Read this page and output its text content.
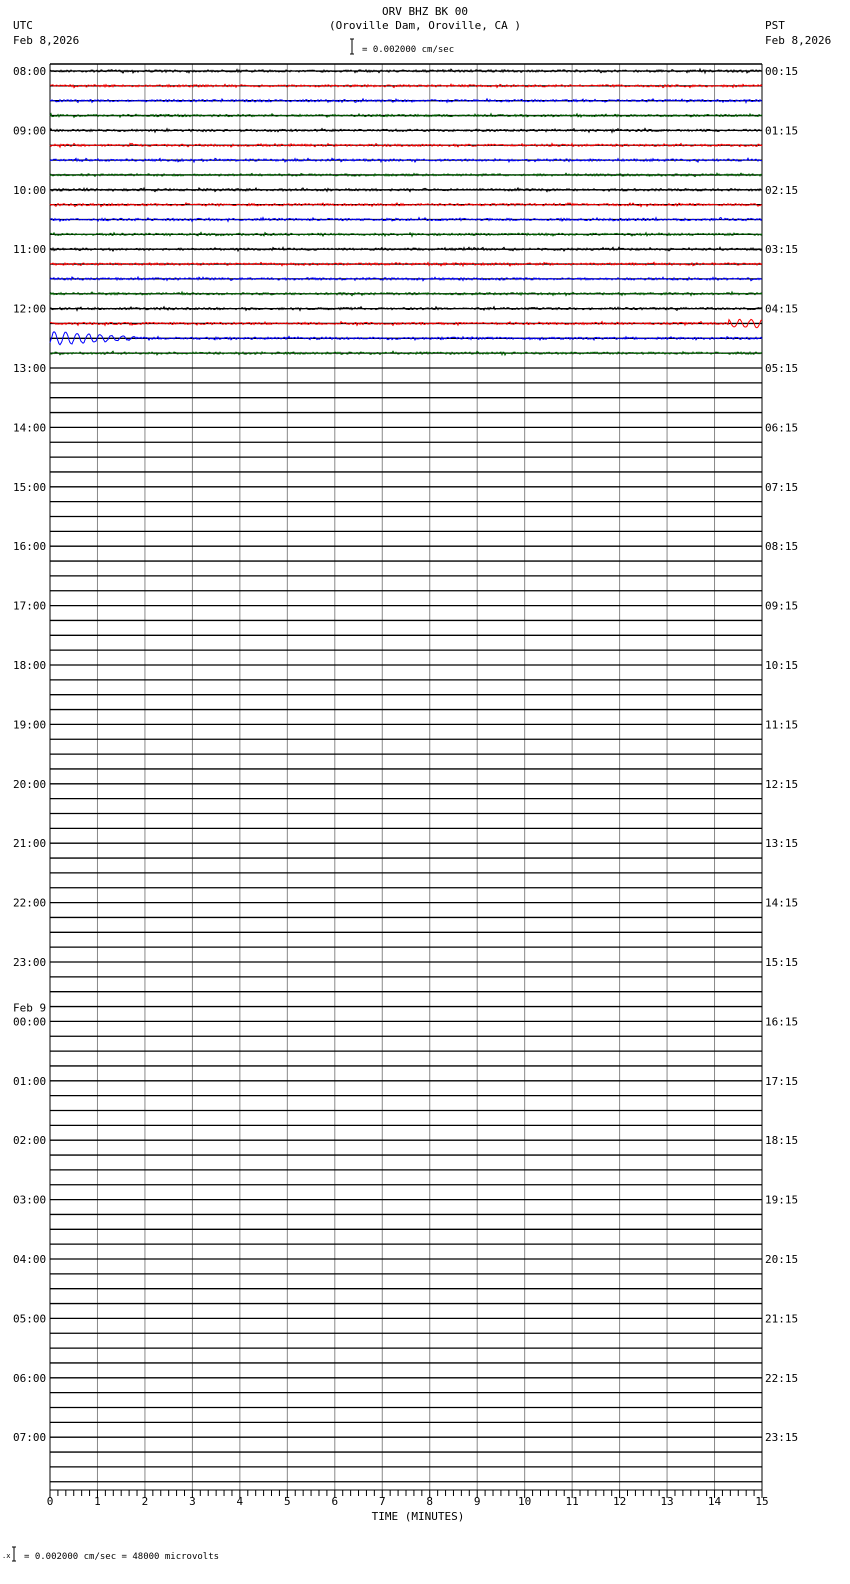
ORV BHZ BK 00
(Oroville Dam, Oroville, CA )
UTC
Feb 8,2026
PST
Feb 8,2026
= 0.002000 cm/sec
08:00
09:00
10:00
11:00
12:00
13:00
14:00
15:00
16:00
17:00
18:00
19:00
20:00
21:00
22:00
23:00
00:00
Feb 9
01:00
02:00
03:00
04:00
05:00
06:00
07:00
00:15
01:15
02:15
03:15
04:15
05:15
06:15
07:15
08:15
09:15
10:15
11:15
12:15
13:15
14:15
15:15
16:15
17:15
18:15
19:15
20:15
21:15
22:15
23:15
0	1	2	3	4	5	6	7	8	9	10	11	12	13	14	15
TIME (MINUTES)
.x = 0.002000 cm/sec = 48000 microvolts
